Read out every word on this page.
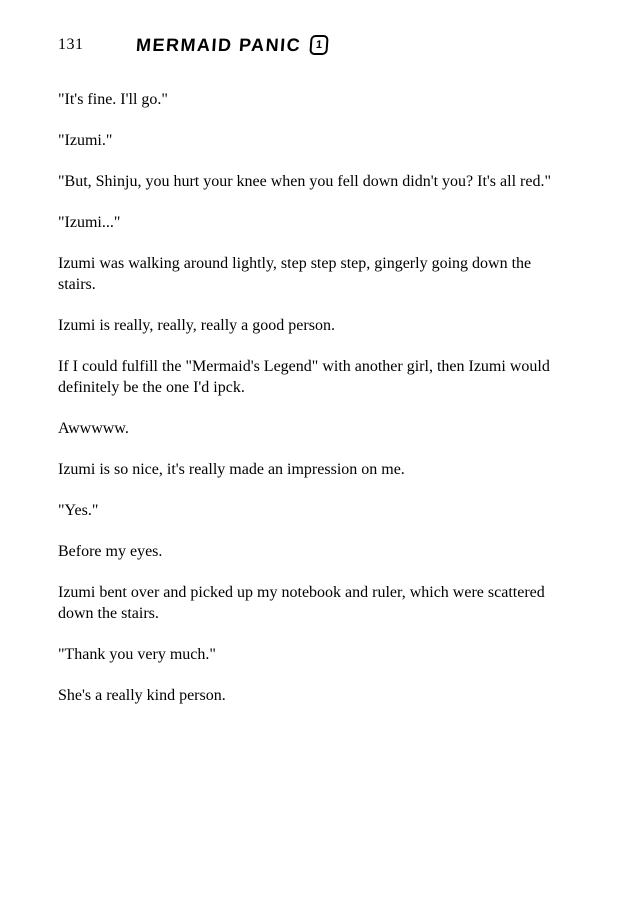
131	MERMAID PANIC	1

"It's fine. I'll go."

"Izumi."

"But, Shinju, you hurt your knee when you fell down didn't you? It's all red."

"Izumi..."

Izumi was walking around lightly, step step step, gingerly going down the stairs.

Izumi is really, really, really a good person.

If I could fulfill the "Mermaid's Legend" with another girl, then Izumi would definitely be the one I'd ipck.

Awwwww.

Izumi is so nice, it's really made an impression on me.

"Yes."

Before my eyes.

Izumi bent over and picked up my notebook and ruler, which were scattered down the stairs.

"Thank you very much."

She's a really kind person.
